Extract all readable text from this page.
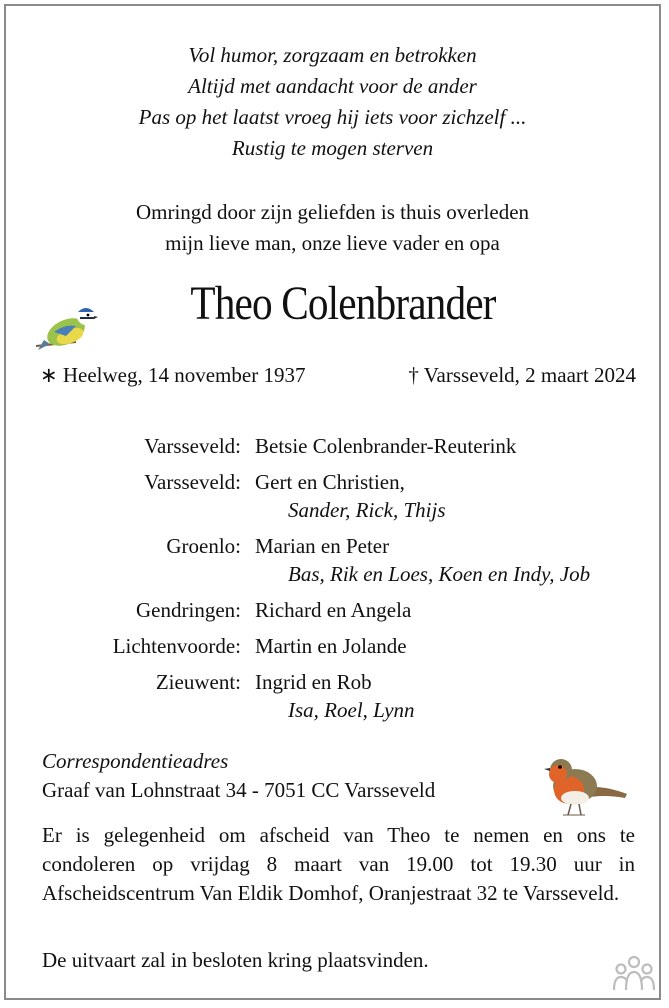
Vol humor, zorgzaam en betrokken
Altijd met aandacht voor de ander
Pas op het laatst vroeg hij iets voor zichzelf ...
Rustig te mogen sterven
Omringd door zijn geliefden is thuis overleden
mijn lieve man, onze lieve vader en opa
Theo Colenbrander
∗ Heelweg, 14 november 1937	† Varsseveld, 2 maart 2024
Varsseveld: Betsie Colenbrander-Reuterink
Varsseveld: Gert en Christien,
Sander, Rick, Thijs
Groenlo: Marian en Peter
Bas, Rik en Loes, Koen en Indy, Job
Gendringen: Richard en Angela
Lichtenvoorde: Martin en Jolande
Zieuwent: Ingrid en Rob
Isa, Roel, Lynn
Correspondentieadres
Graaf van Lohnstraat 34 - 7051 CC Varsseveld
Er is gelegenheid om afscheid van Theo te nemen en ons te condoleren op vrijdag 8 maart van 19.00 tot 19.30 uur in Afscheidscentrum Van Eldik Domhof, Oranjestraat 32 te Varsseveld.
De uitvaart zal in besloten kring plaatsvinden.
